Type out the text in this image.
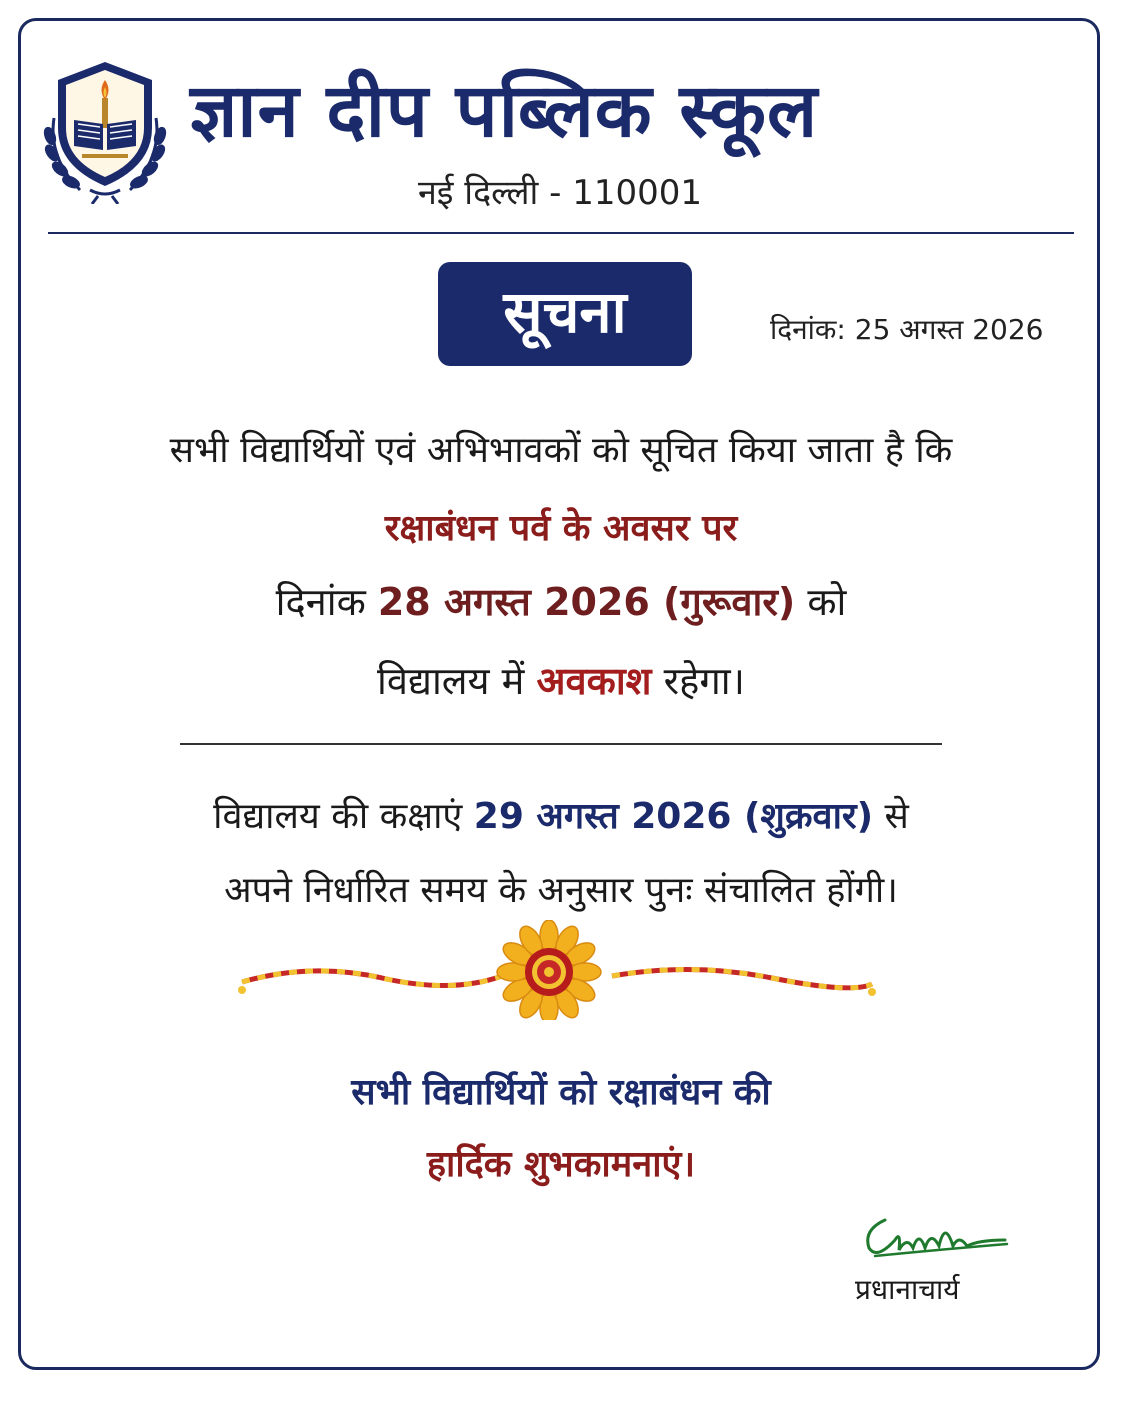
ज्ञान दीप पब्लिक स्कूल
नई दिल्ली - 110001
सूचना	दिनांक: 25 अगस्त 2026
सभी विद्यार्थियों एवं अभिभावकों को सूचित किया जाता है कि
रक्षाबंधन पर्व के अवसर पर
दिनांक 28 अगस्त 2026 (गुरूवार) को
विद्यालय में अवकाश रहेगा।
विद्यालय की कक्षाएं 29 अगस्त 2026 (शुक्रवार) से
अपने निर्धारित समय के अनुसार पुनः संचालित होंगी।
सभी विद्यार्थियों को रक्षाबंधन की
हार्दिक शुभकामनाएं।
प्रधानाचार्य
